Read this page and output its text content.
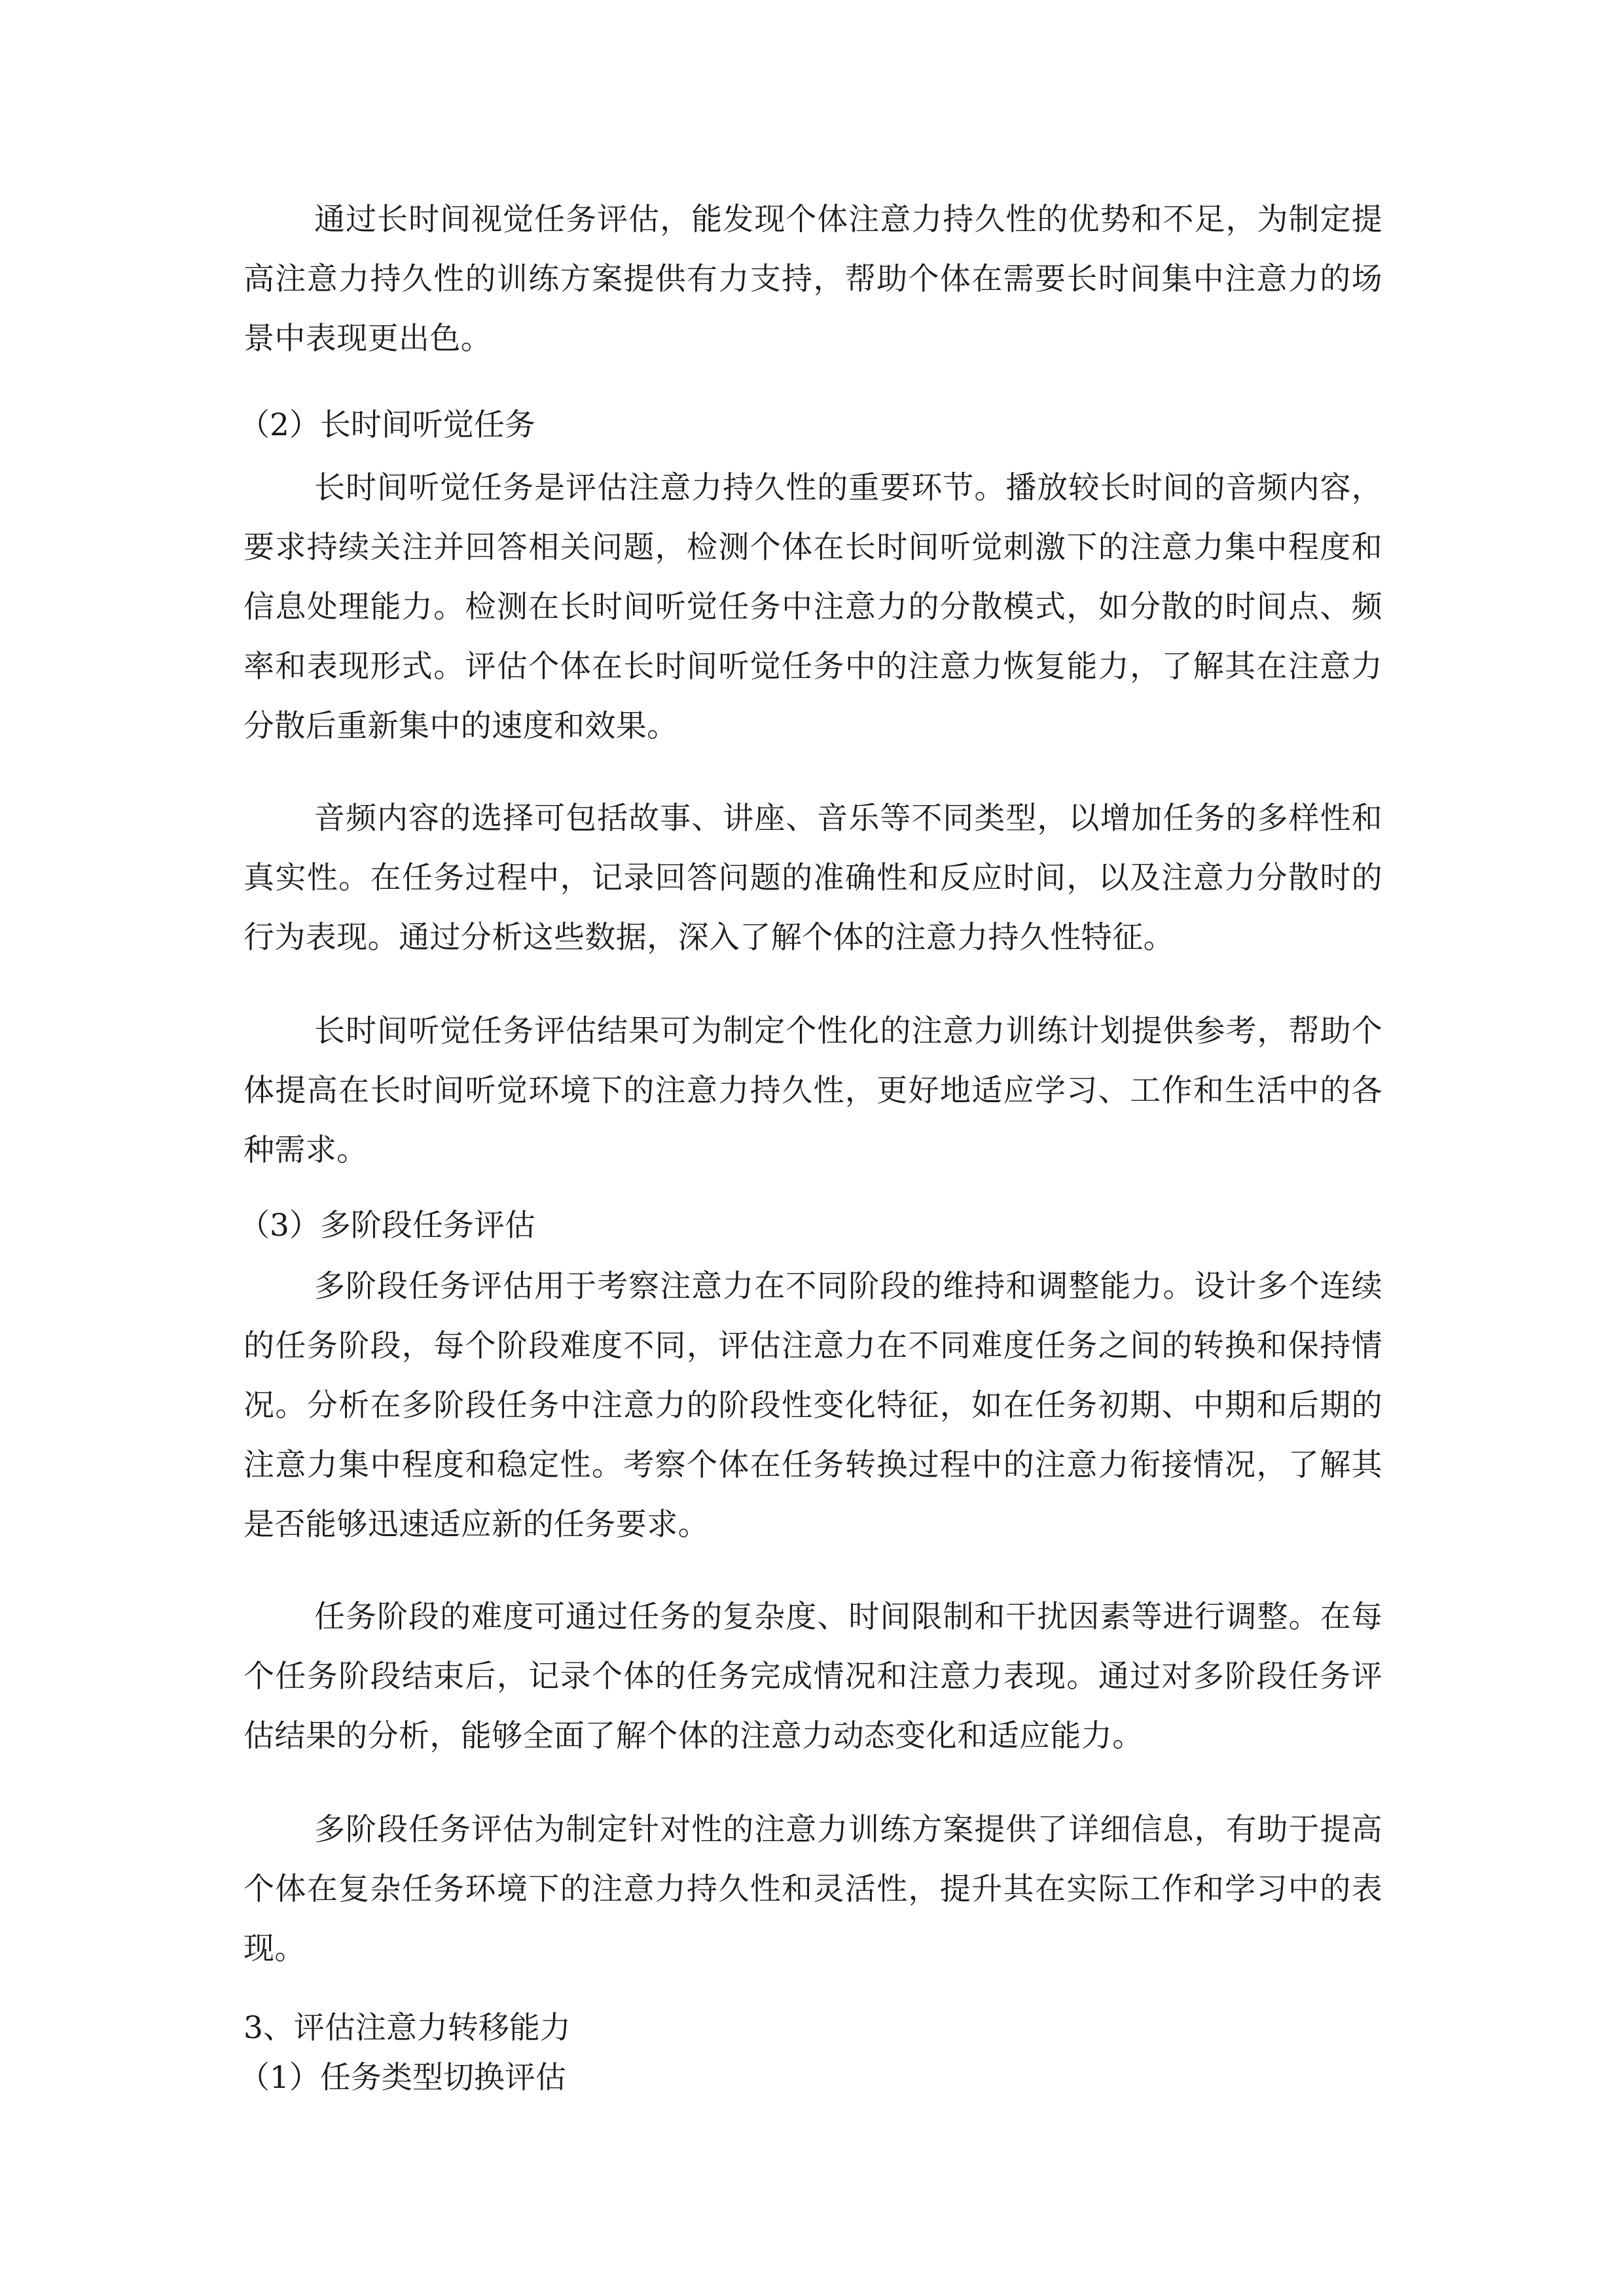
通过长时间视觉任务评估，能发现个体注意力持久性的优势和不足，为制定提高注意力持久性的训练方案提供有力支持，帮助个体在需要长时间集中注意力的场景中表现更出色。

（2）长时间听觉任务

长时间听觉任务是评估注意力持久性的重要环节。播放较长时间的音频内容，要求持续关注并回答相关问题，检测个体在长时间听觉刺激下的注意力集中程度和信息处理能力。检测在长时间听觉任务中注意力的分散模式，如分散的时间点、频率和表现形式。评估个体在长时间听觉任务中的注意力恢复能力，了解其在注意力分散后重新集中的速度和效果。

音频内容的选择可包括故事、讲座、音乐等不同类型，以增加任务的多样性和真实性。在任务过程中，记录回答问题的准确性和反应时间，以及注意力分散时的行为表现。通过分析这些数据，深入了解个体的注意力持久性特征。

长时间听觉任务评估结果可为制定个性化的注意力训练计划提供参考，帮助个体提高在长时间听觉环境下的注意力持久性，更好地适应学习、工作和生活中的各种需求。

（3）多阶段任务评估

多阶段任务评估用于考察注意力在不同阶段的维持和调整能力。设计多个连续的任务阶段，每个阶段难度不同，评估注意力在不同难度任务之间的转换和保持情况。分析在多阶段任务中注意力的阶段性变化特征，如在任务初期、中期和后期的注意力集中程度和稳定性。考察个体在任务转换过程中的注意力衔接情况，了解其是否能够迅速适应新的任务要求。

任务阶段的难度可通过任务的复杂度、时间限制和干扰因素等进行调整。在每个任务阶段结束后，记录个体的任务完成情况和注意力表现。通过对多阶段任务评估结果的分析，能够全面了解个体的注意力动态变化和适应能力。

多阶段任务评估为制定针对性的注意力训练方案提供了详细信息，有助于提高个体在复杂任务环境下的注意力持久性和灵活性，提升其在实际工作和学习中的表现。

3、评估注意力转移能力
（1）任务类型切换评估
